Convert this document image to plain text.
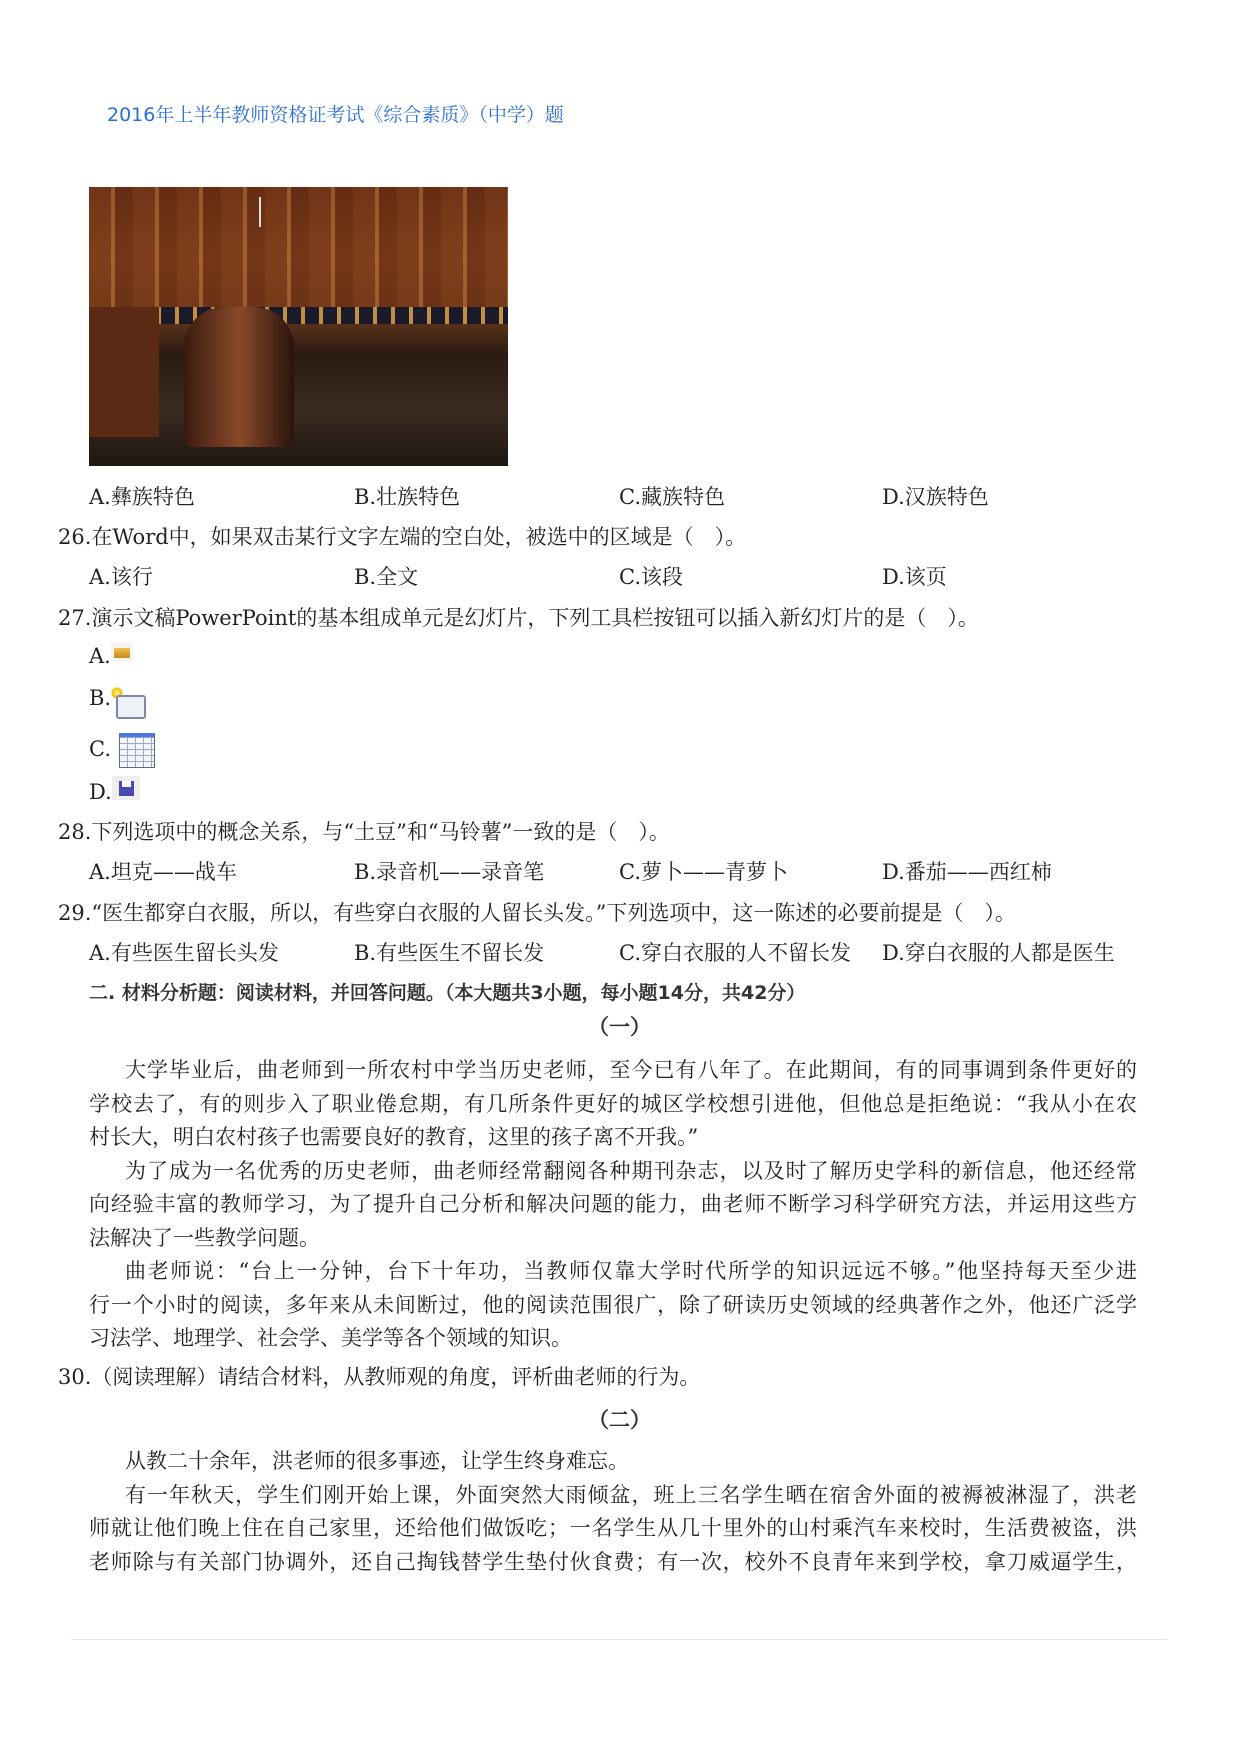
2016年上半年教师资格证考试《综合素质》（中学）题
A.彝族特色	B.壮族特色	C.藏族特色	D.汉族特色
26.在Word中，如果双击某行文字左端的空白处，被选中的区域是（　）。
A.该行	B.全文	C.该段	D.该页
27.演示文稿PowerPoint的基本组成单元是幻灯片，下列工具栏按钮可以插入新幻灯片的是（　）。
A.
B.
C.
D.
28.下列选项中的概念关系，与“土豆”和“马铃薯”一致的是（　）。
A.坦克——战车	B.录音机——录音笔	C.萝卜——青萝卜	D.番茄——西红柿
29.“医生都穿白衣服，所以，有些穿白衣服的人留长头发。”下列选项中，这一陈述的必要前提是（　）。
A.有些医生留长头发	B.有些医生不留长发	C.穿白衣服的人不留长发 D.穿白衣服的人都是医生
二. 材料分析题：阅读材料，并回答问题。（本大题共3小题，每小题14分，共42分）
（一）
大学毕业后，曲老师到一所农村中学当历史老师，至今已有八年了。在此期间，有的同事调到条件更好的
学校去了，有的则步入了职业倦怠期，有几所条件更好的城区学校想引进他，但他总是拒绝说：“我从小在农
村长大，明白农村孩子也需要良好的教育，这里的孩子离不开我。”
为了成为一名优秀的历史老师，曲老师经常翻阅各种期刊杂志，以及时了解历史学科的新信息，他还经常
向经验丰富的教师学习，为了提升自己分析和解决问题的能力，曲老师不断学习科学研究方法，并运用这些方
法解决了一些教学问题。
曲老师说：“台上一分钟，台下十年功，当教师仅靠大学时代所学的知识远远不够。”他坚持每天至少进
行一个小时的阅读，多年来从未间断过，他的阅读范围很广，除了研读历史领域的经典著作之外，他还广泛学
习法学、地理学、社会学、美学等各个领域的知识。
30.（阅读理解）请结合材料，从教师观的角度，评析曲老师的行为。
（二）
从教二十余年，洪老师的很多事迹，让学生终身难忘。
有一年秋天，学生们刚开始上课，外面突然大雨倾盆，班上三名学生晒在宿舍外面的被褥被淋湿了，洪老
师就让他们晚上住在自己家里，还给他们做饭吃；一名学生从几十里外的山村乘汽车来校时，生活费被盗，洪
老师除与有关部门协调外，还自己掏钱替学生垫付伙食费；有一次，校外不良青年来到学校，拿刀威逼学生，
